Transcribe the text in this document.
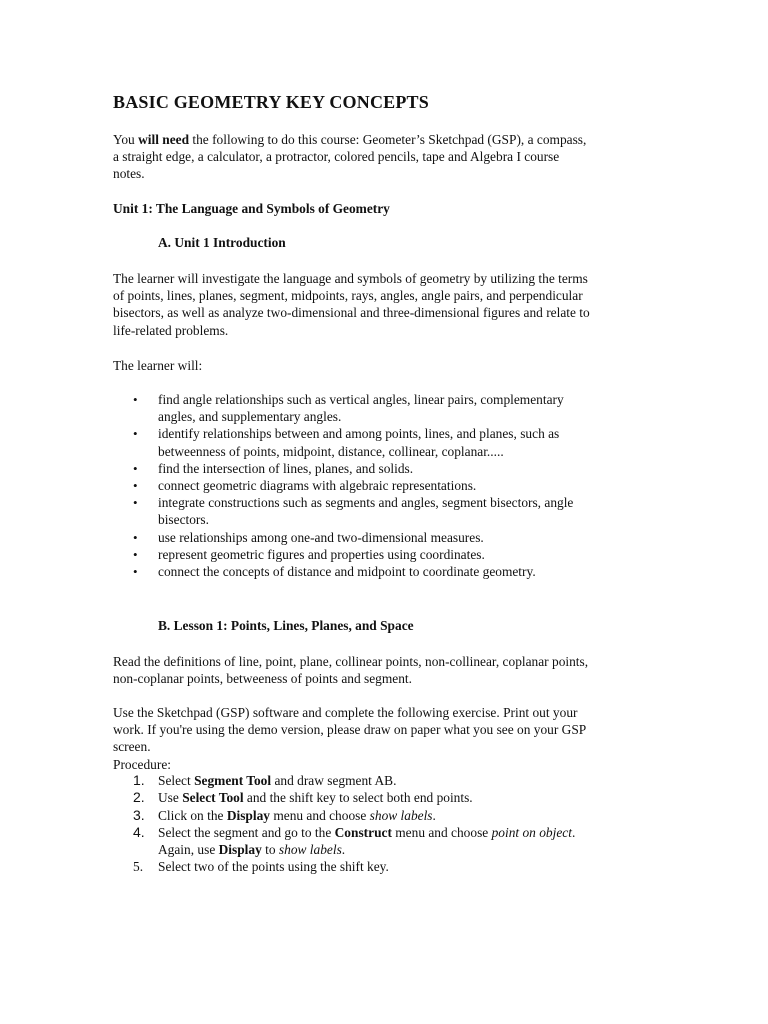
BASIC GEOMETRY KEY CONCEPTS
You will need the following to do this course: Geometer’s Sketchpad (GSP), a compass,
a straight edge, a calculator, a protractor, colored pencils, tape and Algebra I course
notes.
Unit 1: The Language and Symbols of Geometry
A. Unit 1 Introduction
The learner will investigate the language and symbols of geometry by utilizing the terms
of points, lines, planes, segment, midpoints, rays, angles, angle pairs, and perpendicular
bisectors, as well as analyze two-dimensional and three-dimensional figures and relate to
life-related problems.
The learner will:
• find angle relationships such as vertical angles, linear pairs, complementary
angles, and supplementary angles.
• identify relationships between and among points, lines, and planes, such as
betweenness of points, midpoint, distance, collinear, coplanar.....
• find the intersection of lines, planes, and solids.
• connect geometric diagrams with algebraic representations.
• integrate constructions such as segments and angles, segment bisectors, angle
bisectors.
• use relationships among one-and two-dimensional measures.
• represent geometric figures and properties using coordinates.
• connect the concepts of distance and midpoint to coordinate geometry.
B. Lesson 1: Points, Lines, Planes, and Space
Read the definitions of line, point, plane, collinear points, non-collinear, coplanar points,
non-coplanar points, betweeness of points and segment.
Use the Sketchpad (GSP) software and complete the following exercise. Print out your
work. If you're using the demo version, please draw on paper what you see on your GSP
screen.
Procedure:
1. Select Segment Tool and draw segment AB.
2. Use Select Tool and the shift key to select both end points.
3. Click on the Display menu and choose show labels.
4. Select the segment and go to the Construct menu and choose point on object.
Again, use Display to show labels.
5. Select two of the points using the shift key.
